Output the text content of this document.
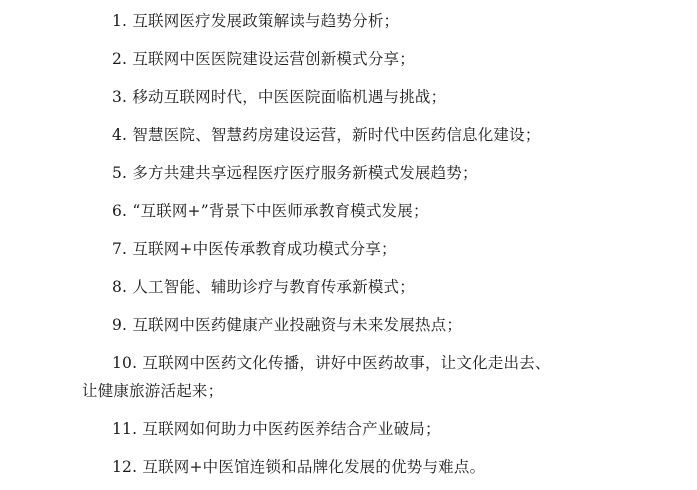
1. 互联网医疗发展政策解读与趋势分析；
2. 互联网中医医院建设运营创新模式分享；
3. 移动互联网时代，中医医院面临机遇与挑战；
4. 智慧医院、智慧药房建设运营，新时代中医药信息化建设；
5. 多方共建共享远程医疗医疗服务新模式发展趋势；
6. “互联网+”背景下中医师承教育模式发展；
7. 互联网+中医传承教育成功模式分享；
8. 人工智能、辅助诊疗与教育传承新模式；
9. 互联网中医药健康产业投融资与未来发展热点；
10. 互联网中医药文化传播，讲好中医药故事，让文化走出去、
让健康旅游活起来；
11. 互联网如何助力中医药医养结合产业破局；
12. 互联网+中医馆连锁和品牌化发展的优势与难点。
